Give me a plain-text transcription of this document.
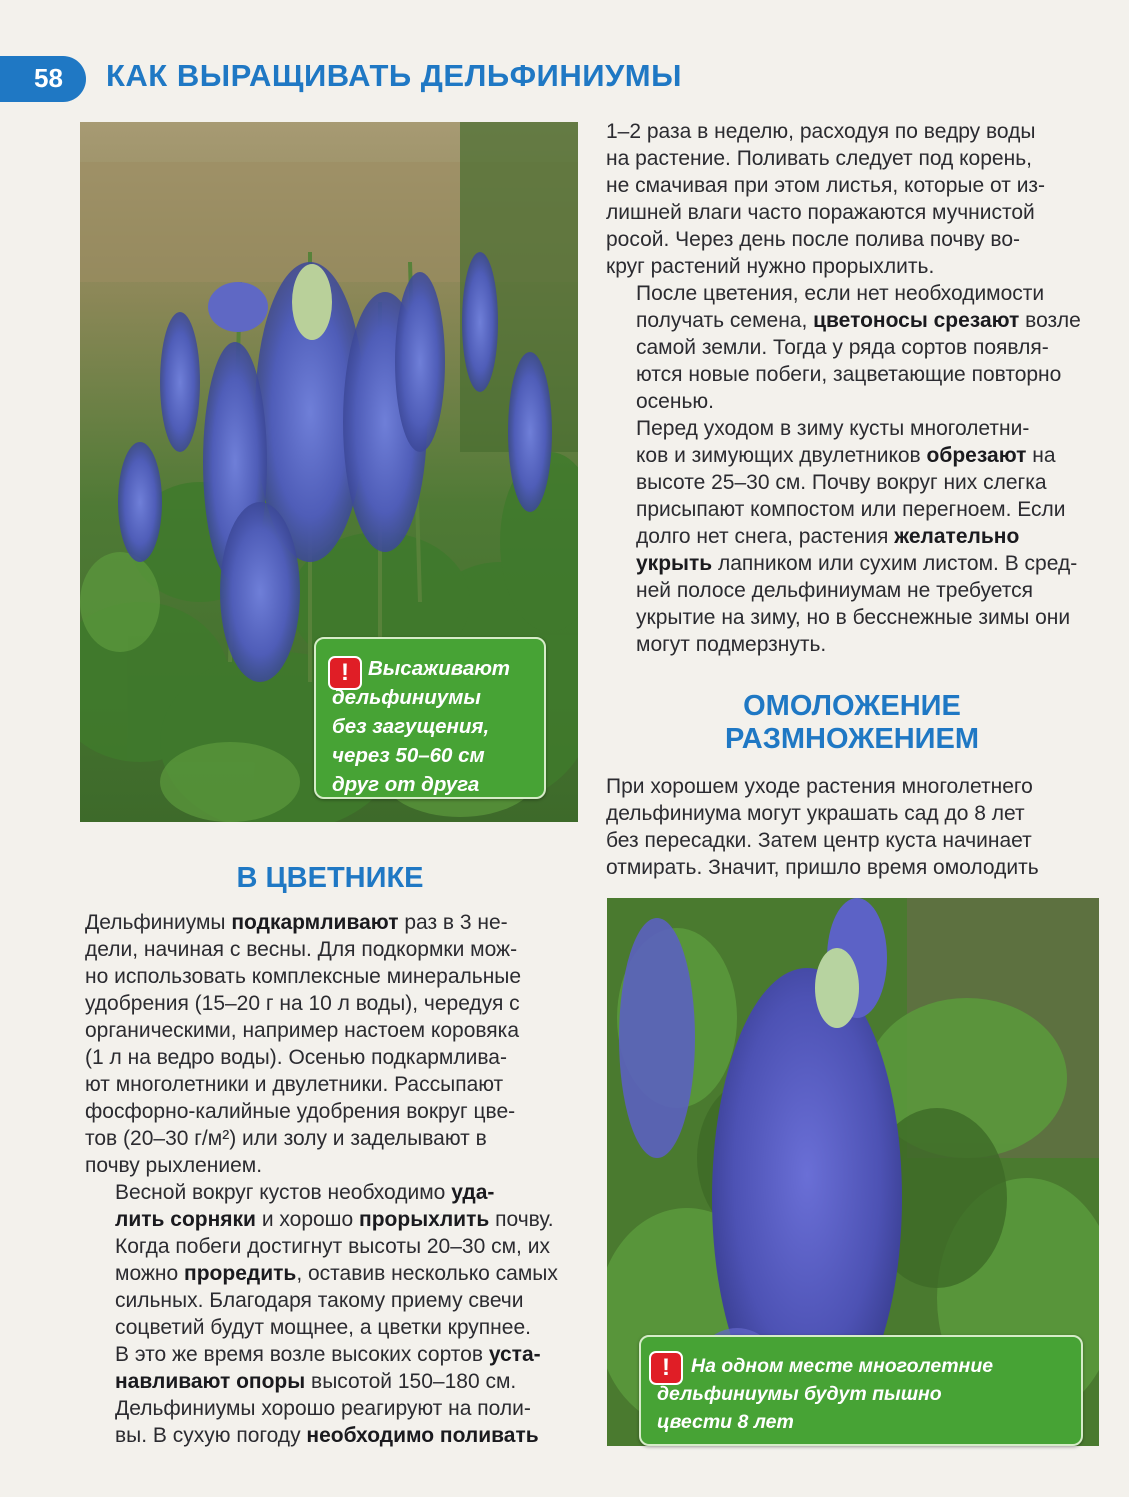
58 КАК ВЫРАЩИВАТЬ ДЕЛЬФИНИУМЫ
! Высаживают
дельфиниумы
без загущения,
через 50–60 см
друг от друга

1–2 раза в неделю, расходуя по ведру воды
на растение. Поливать следует под корень,
не смачивая при этом листья, которые от из-
лишней влаги часто поражаются мучнистой
росой. Через день после полива почву во-
круг растений нужно прорыхлить.

После цветения, если нет необходимости
получать семена, цветоносы срезают возле
самой земли. Тогда у ряда сортов появля-
ются новые побеги, зацветающие повторно
осенью.

Перед уходом в зиму кусты многолетни-
ков и зимующих двулетников обрезают на
высоте 25–30 см. Почву вокруг них слегка
присыпают компостом или перегноем. Если
долго нет снега, растения желательно
укрыть лапником или сухим листом. В сред-
ней полосе дельфиниумам не требуется
укрытие на зиму, но в бесснежные зимы они
могут подмерзнуть.

ОМОЛОЖЕНИЕ
РАЗМНОЖЕНИЕМ

При хорошем уходе растения многолетнего
дельфиниума могут украшать сад до 8 лет
без пересадки. Затем центр куста начинает
отмирать. Значит, пришло время омолодить

В ЦВЕТНИКЕ

Дельфиниумы подкармливают раз в 3 не-
дели, начиная с весны. Для подкормки мож-
но использовать комплексные минеральные
удобрения (15–20 г на 10 л воды), чередуя с
органическими, например настоем коровяка
(1 л на ведро воды). Осенью подкармлива-
ют многолетники и двулетники. Рассыпают
фосфорно-калийные удобрения вокруг цве-
тов (20–30 г/м²) или золу и заделывают в
почву рыхлением.

Весной вокруг кустов необходимо уда-
лить сорняки и хорошо прорыхлить почву.
Когда побеги достигнут высоты 20–30 см, их
можно проредить, оставив несколько самых
сильных. Благодаря такому приему свечи
соцветий будут мощнее, а цветки крупнее.
В это же время возле высоких сортов уста-
навливают опоры высотой 150–180 см.

Дельфиниумы хорошо реагируют на поли-
вы. В сухую погоду необходимо поливать

!	На одном месте многолетние
дельфиниумы будут пышно
цвести 8 лет
